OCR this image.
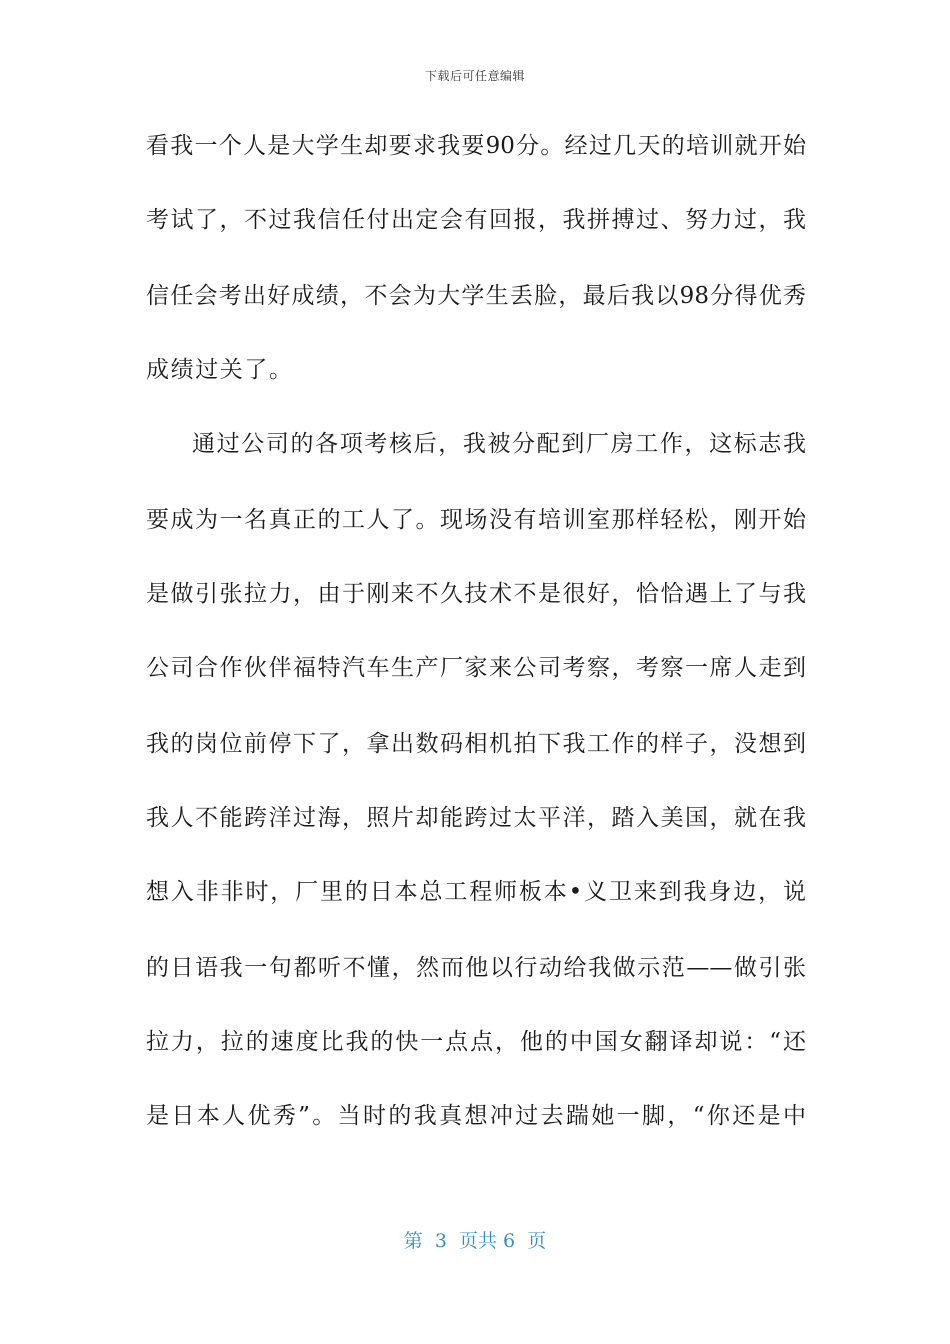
下载后可任意编辑
看我一个人是大学生却要求我要90分。经过几天的培训就开始
考试了，不过我信任付出定会有回报，我拼搏过、努力过，我
信任会考出好成绩，不会为大学生丢脸，最后我以98分得优秀
成绩过关了。
通过公司的各项考核后，我被分配到厂房工作，这标志我
要成为一名真正的工人了。现场没有培训室那样轻松，刚开始
是做引张拉力，由于刚来不久技术不是很好，恰恰遇上了与我
公司合作伙伴福特汽车生产厂家来公司考察，考察一席人走到
我的岗位前停下了，拿出数码相机拍下我工作的样子，没想到
我人不能跨洋过海，照片却能跨过太平洋，踏入美国，就在我
想入非非时，厂里的日本总工程师板本•义卫来到我身边，说
的日语我一句都听不懂，然而他以行动给我做示范——做引张
拉力，拉的速度比我的快一点点，他的中国女翻译却说：“还
是日本人优秀”。当时的我真想冲过去踹她一脚，“你还是中
第  3  页共 6  页
